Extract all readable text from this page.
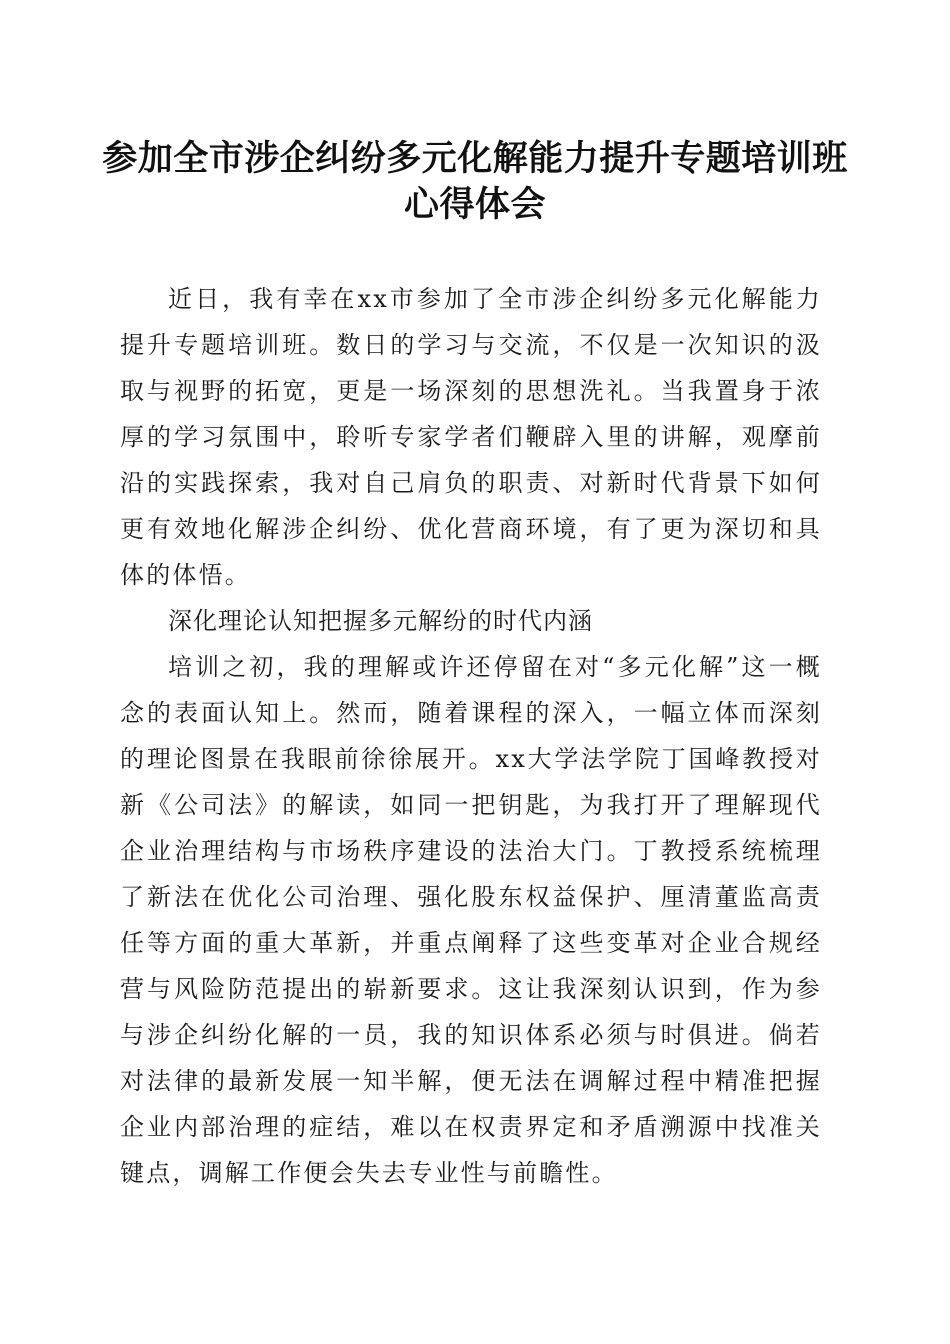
参加全市涉企纠纷多元化解能力提升专题培训班心得体会

近日，我有幸在xx市参加了全市涉企纠纷多元化解能力提升专题培训班。数日的学习与交流，不仅是一次知识的汲取与视野的拓宽，更是一场深刻的思想洗礼。当我置身于浓厚的学习氛围中，聆听专家学者们鞭辟入里的讲解，观摩前沿的实践探索，我对自己肩负的职责、对新时代背景下如何更有效地化解涉企纠纷、优化营商环境，有了更为深切和具体的体悟。

深化理论认知把握多元解纷的时代内涵

培训之初，我的理解或许还停留在对“多元化解”这一概念的表面认知上。然而，随着课程的深入，一幅立体而深刻的理论图景在我眼前徐徐展开。xx大学法学院丁国峰教授对新《公司法》的解读，如同一把钥匙，为我打开了理解现代企业治理结构与市场秩序建设的法治大门。丁教授系统梳理了新法在优化公司治理、强化股东权益保护、厘清董监高责任等方面的重大革新，并重点阐释了这些变革对企业合规经营与风险防范提出的崭新要求。这让我深刻认识到，作为参与涉企纠纷化解的一员，我的知识体系必须与时俱进。倘若对法律的最新发展一知半解，便无法在调解过程中精准把握企业内部治理的症结，难以在权责界定和矛盾溯源中找准关键点，调解工作便会失去专业性与前瞻性。
